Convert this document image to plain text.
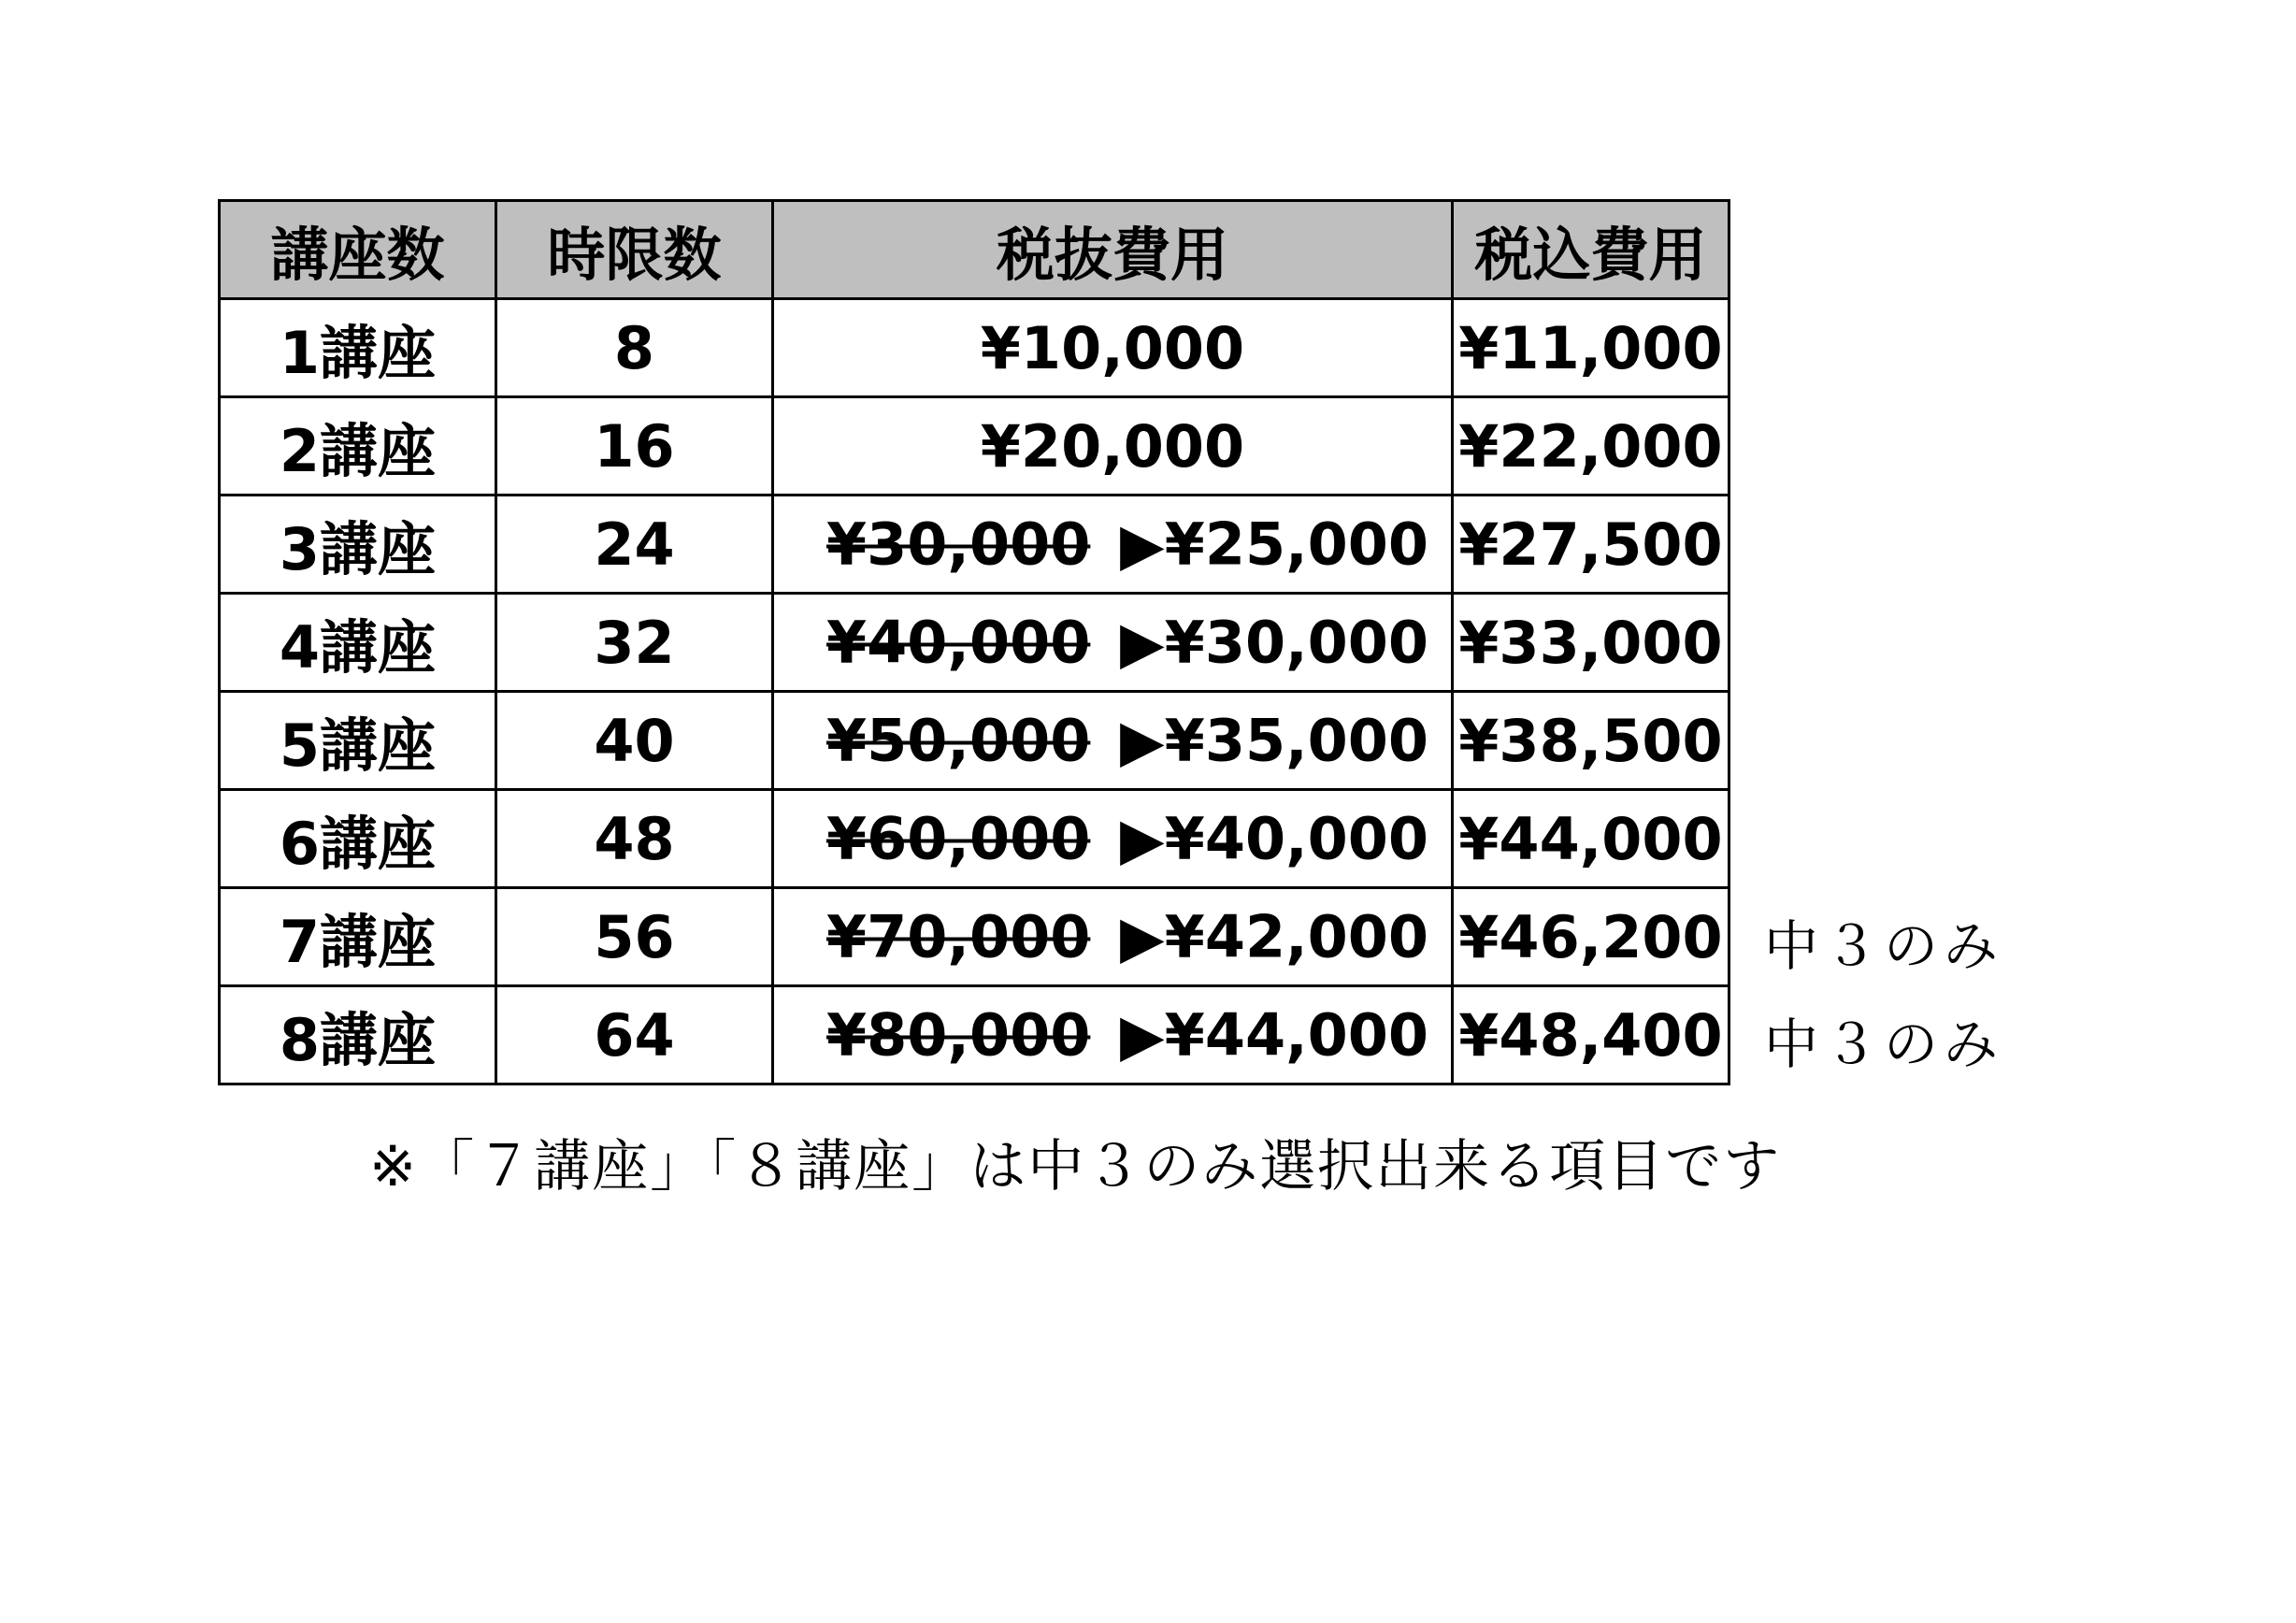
講座数	時限数	税抜費用	税込費用
1講座	8	¥10,000	¥11,000
2講座	16	¥20,000	¥22,000
3講座	24	¥30,000 ▶¥25,000	¥27,500
4講座	32	¥40,000 ▶¥30,000	¥33,000
5講座	40	¥50,000 ▶¥35,000	¥38,500
6講座	48	¥60,000 ▶¥40,000	¥44,000
7講座	56	¥70,000 ▶¥42,000	¥46,200
8講座	64	¥80,000 ▶¥44,000	¥48,400
中３のみ
中３のみ
※「７講座」「８講座」は中３のみ選択出来る項目です
